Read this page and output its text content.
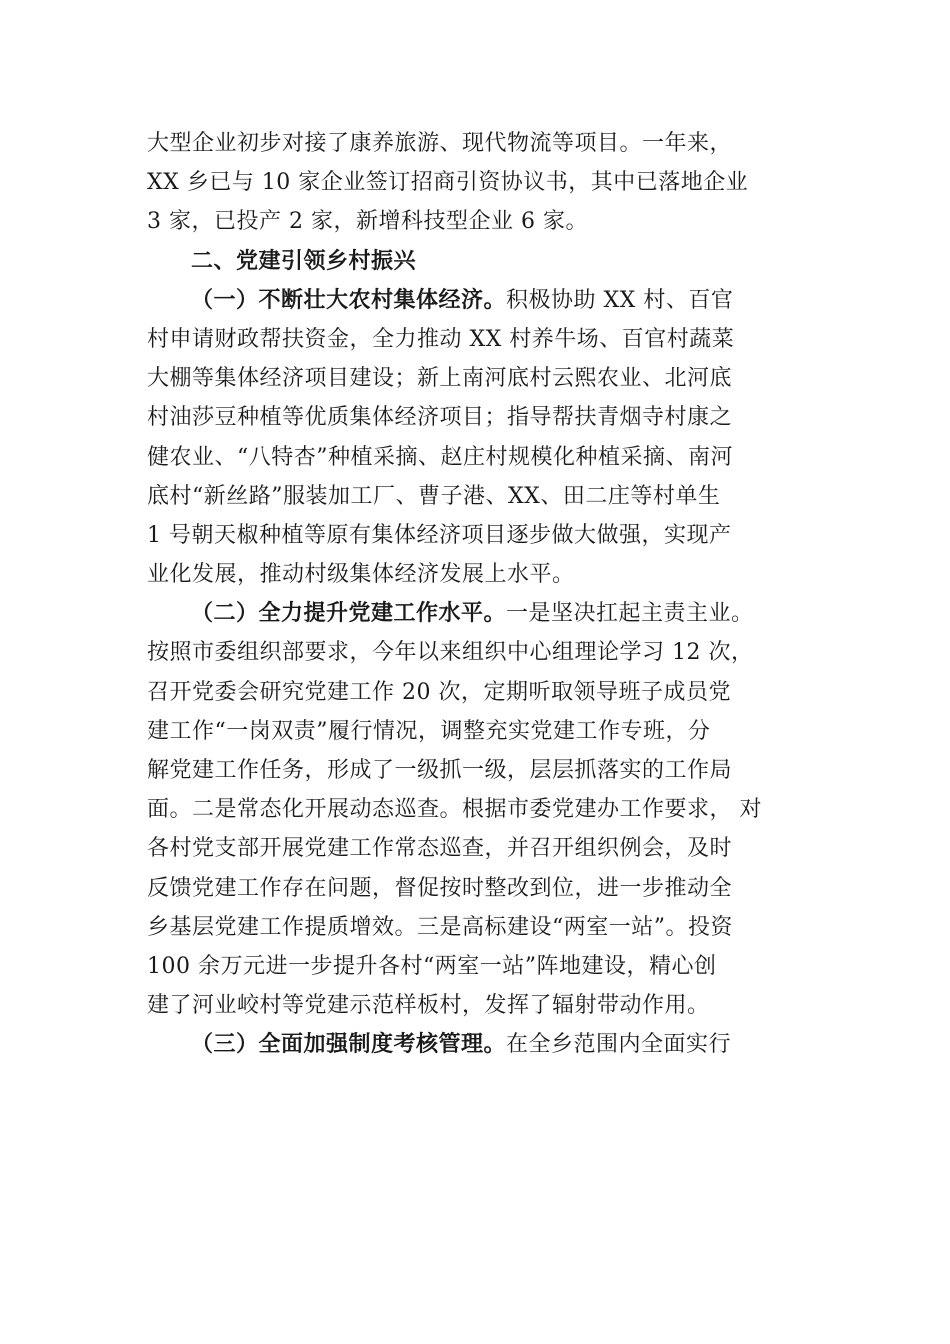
大型企业初步对接了康养旅游、现代物流等项目。一年来，
XX 乡已与 10 家企业签订招商引资协议书，其中已落地企业
3 家，已投产 2 家，新增科技型企业 6 家。
二、党建引领乡村振兴
（一）不断壮大农村集体经济。积极协助 XX 村、百官
村申请财政帮扶资金，全力推动 XX 村养牛场、百官村蔬菜
大棚等集体经济项目建设；新上南河底村云熙农业、北河底
村油莎豆种植等优质集体经济项目；指导帮扶青烟寺村康之
健农业、“八特杏”种植采摘、赵庄村规模化种植采摘、南河
底村“新丝路”服装加工厂、曹子港、XX、田二庄等村单生
1 号朝天椒种植等原有集体经济项目逐步做大做强，实现产
业化发展，推动村级集体经济发展上水平。
（二）全力提升党建工作水平。一是坚决扛起主责主业。
按照市委组织部要求，今年以来组织中心组理论学习 12 次，
召开党委会研究党建工作 20 次，定期听取领导班子成员党
建工作“一岗双责”履行情况，调整充实党建工作专班，分
解党建工作任务，形成了一级抓一级，层层抓落实的工作局
面。二是常态化开展动态巡查。根据市委党建办工作要求， 对
各村党支部开展党建工作常态巡查，并召开组织例会，及时
反馈党建工作存在问题，督促按时整改到位，进一步推动全
乡基层党建工作提质增效。三是高标建设“两室一站”。投资
100 余万元进一步提升各村“两室一站”阵地建设，精心创
建了河业峧村等党建示范样板村，发挥了辐射带动作用。
（三）全面加强制度考核管理。在全乡范围内全面实行
